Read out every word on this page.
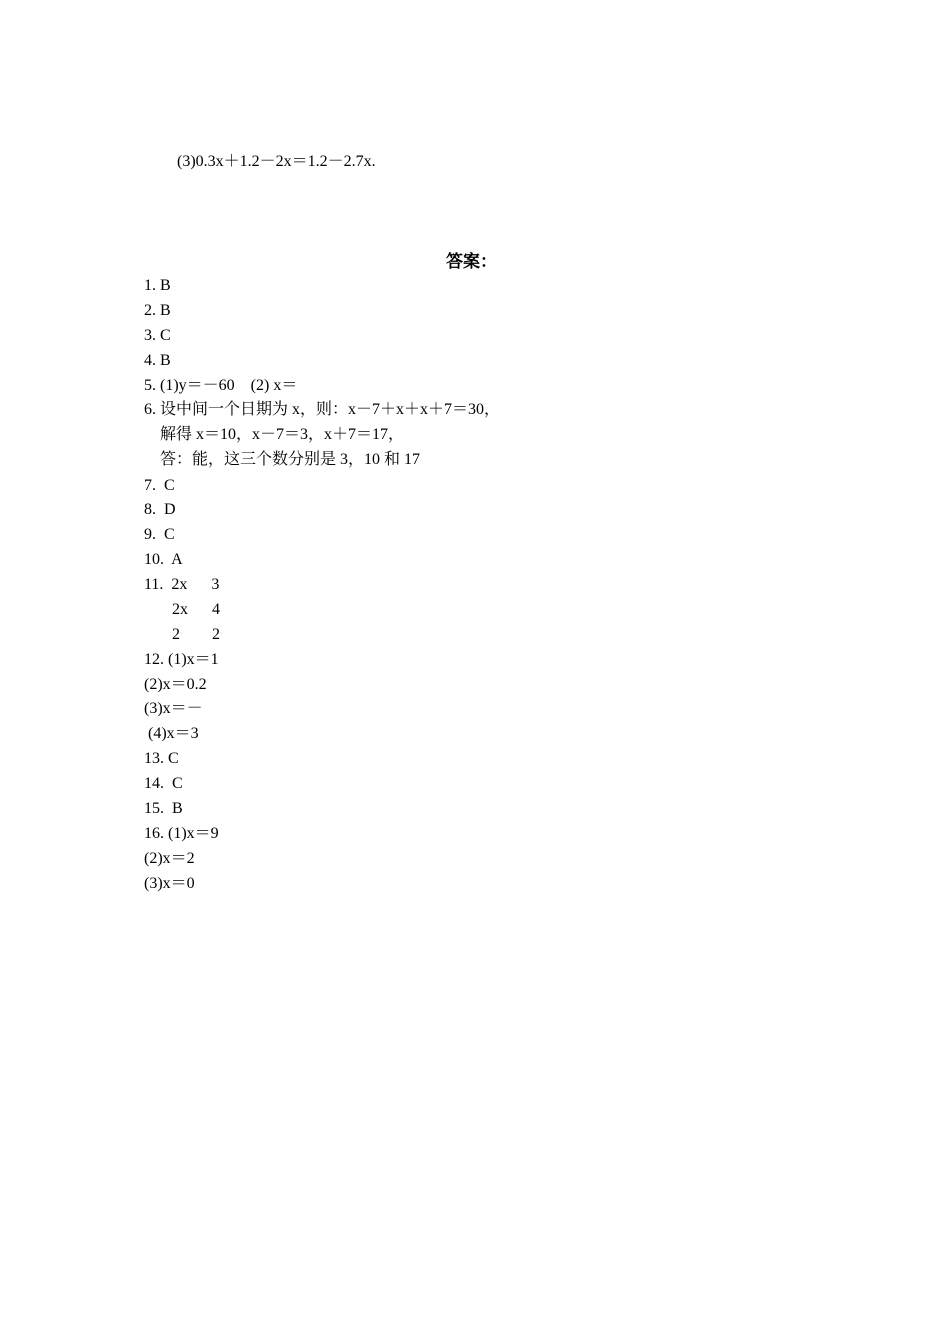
(3)0.3x＋1.2－2x＝1.2－2.7x.
答案：
1. B
2. B
3. C
4. B
5. (1)y＝－60    (2) x＝
6. 设中间一个日期为 x，则：x－7＋x＋x＋7＝30，
解得 x＝10，x－7＝3，x＋7＝17，
答：能，这三个数分别是 3，10 和 17
7.  C
8.  D
9.  C
10.  A
11.  2x      3
2x      4
2        2
12. (1)x＝1
(2)x＝0.2
(3)x＝－
(4)x＝3
13. C
14.  C
15.  B
16. (1)x＝9
(2)x＝2
(3)x＝0
